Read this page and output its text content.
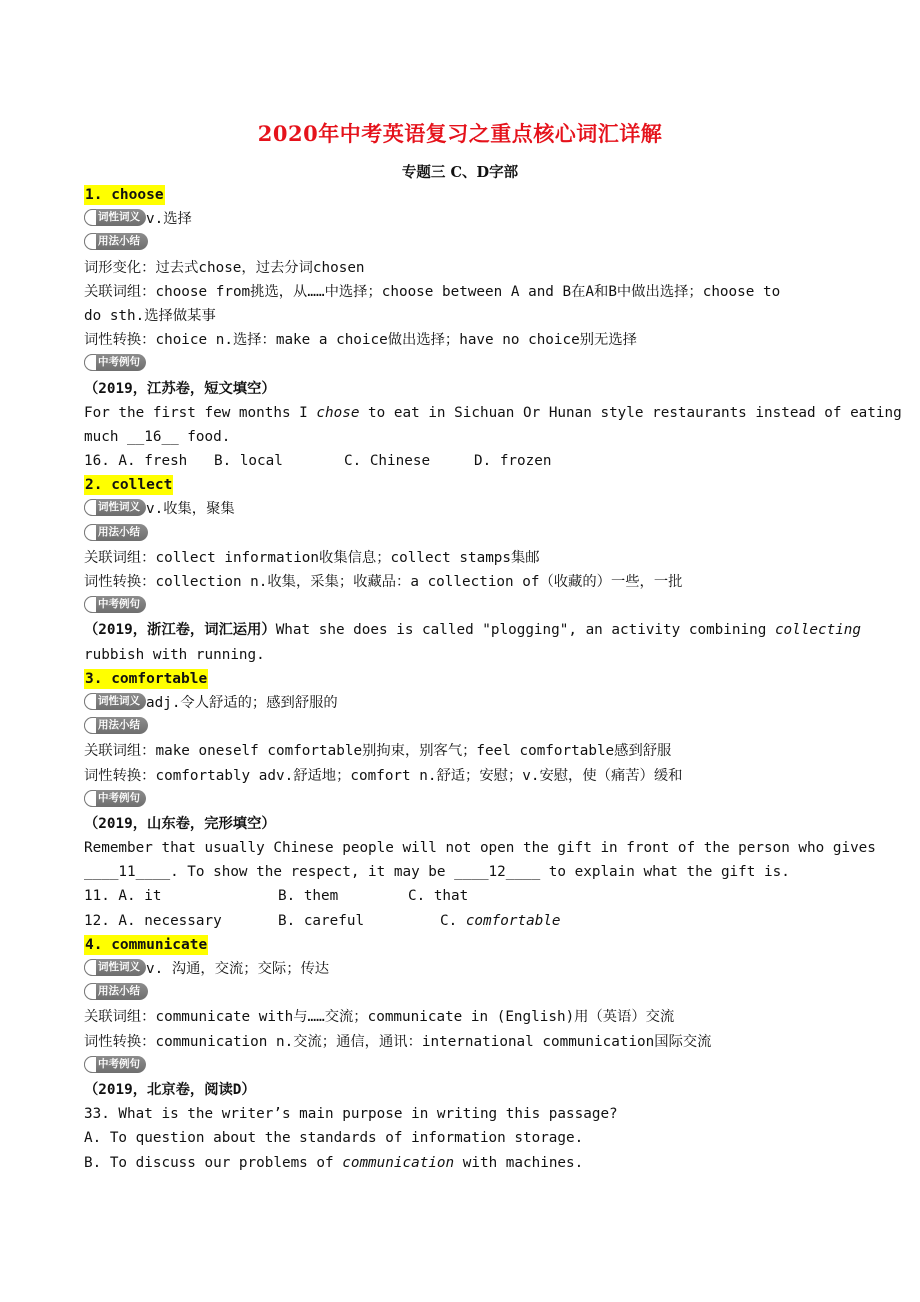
2020年中考英语复习之重点核心词汇详解
专题三 C、D字部
1. choose
词性词义 v.选择
用法小结
词形变化：过去式chose，过去分词chosen
关联词组：choose from挑选，从……中选择；choose between A and B在A和B中做出选择；choose to
do sth.选择做某事
词性转换：choice n.选择：make a choice做出选择；have no choice别无选择
中考例句
（2019，江苏卷，短文填空）
For the first few months I chose to eat in Sichuan Or Hunan style restaurants instead of eating
much __16__ food.
16. A. fresh B. local	C. Chinese	D. frozen
2. collect
词性词义 v.收集，聚集
用法小结
关联词组：collect information收集信息；collect stamps集邮
词性转换：collection n.收集，采集；收藏品：a collection of（收藏的）一些，一批
中考例句
（2019，浙江卷，词汇运用）What she does is called "plogging", an activity combining collecting
rubbish with running.
3. comfortable
词性词义 adj.令人舒适的；感到舒服的
用法小结
关联词组：make oneself comfortable别拘束，别客气；feel comfortable感到舒服
词性转换：comfortably adv.舒适地；comfort n.舒适；安慰；v.安慰，使（痛苦）缓和
中考例句
（2019，山东卷，完形填空）
Remember that usually Chinese people will not open the gift in front of the person who gives
____11____. To show the respect, it may be ____12____ to explain what the gift is.
11. A. it	B. them	C. that
12. A. necessary	B. careful	C. comfortable
4. communicate
词性词义 v. 沟通，交流；交际；传达
用法小结
关联词组：communicate with与……交流；communicate in (English)用（英语）交流
词性转换：communication n.交流；通信，通讯：international communication国际交流
中考例句
（2019，北京卷，阅读D）
33. What is the writer’s main purpose in writing this passage?
A. To question about the standards of information storage.
B. To discuss our problems of communication with machines.
